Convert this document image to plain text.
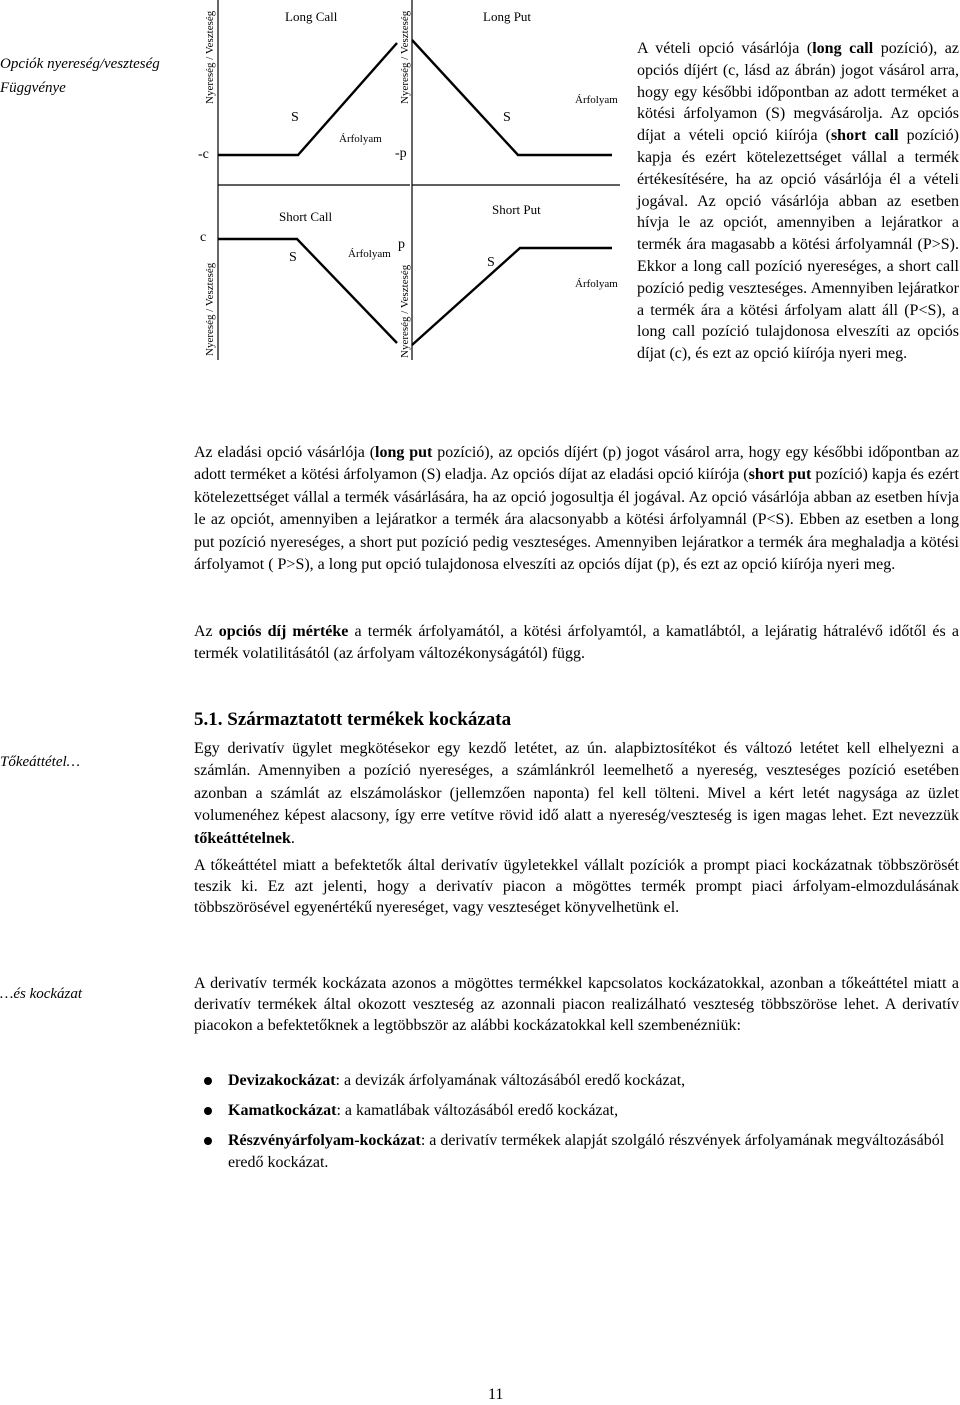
Opciók nyereség/veszteség
Függvénye
Tőkeáttétel…
…és kockázat
Nyereség / Veszteség
Nyereség / Veszteség
Long Call
Short Call
-c
c
S
Árfolyam
S	Árfolyam
Nyereség / Veszteség
Nyereség / Veszteség
Long Put
Short Put
-p
p
S
Árfolyam
S
Árfolyam
A vételi opció vásárlója (long call pozíció), az opciós díjért (c, lásd az ábrán) jogot vásárol arra, hogy egy későbbi időpontban az adott terméket a kötési árfolyamon (S) megvásárolja. Az opciós díjat a vételi opció kiírója (short call pozíció) kapja és ezért kötelezettséget vállal a termék értékesítésére, ha az opció vásárlója él a vételi jogával. Az opció vásárlója abban az esetben hívja le az opciót, amennyiben a lejáratkor a termék ára magasabb a kötési árfolyamnál (P>S). Ekkor a long call pozíció nyereséges, a short call pozíció pedig veszteséges. Amennyiben lejáratkor a termék ára a kötési árfolyam alatt áll (P<S), a long call pozíció tulajdonosa elveszíti az opciós díjat (c), és ezt az opció kiírója nyeri meg.
Az eladási opció vásárlója (long put pozíció), az opciós díjért (p) jogot vásárol arra, hogy egy későbbi időpontban az adott terméket a kötési árfolyamon (S) eladja. Az opciós díjat az eladási opció kiírója (short put pozíció) kapja és ezért kötelezettséget vállal a termék vásárlására, ha az opció jogosultja él jogával. Az opció vásárlója abban az esetben hívja le az opciót, amennyiben a lejáratkor a termék ára alacsonyabb a kötési árfolyamnál (P<S). Ebben az esetben a long put pozíció nyereséges, a short put pozíció pedig veszteséges. Amennyiben lejáratkor a termék ára meghaladja a kötési árfolyamot ( P>S), a long put opció tulajdonosa elveszíti az opciós díjat (p), és ezt az opció kiírója nyeri meg.
Az opciós díj mértéke a termék árfolyamától, a kötési árfolyamtól, a kamatlábtól, a lejáratig hátralévő időtől és a termék volatilitásától (az árfolyam változékonyságától) függ.
5.1. Származtatott termékek kockázata
Egy derivatív ügylet megkötésekor egy kezdő letétet, az ún. alapbiztosítékot és változó letétet kell elhelyezni a számlán. Amennyiben a pozíció nyereséges, a számlánkról leemelhető a nyereség, veszteséges pozíció esetében azonban a számlát az elszámoláskor (jellemzően naponta) fel kell tölteni. Mivel a kért letét nagysága az üzlet volumenéhez képest alacsony, így erre vetítve rövid idő alatt a nyereség/veszteség is igen magas lehet. Ezt nevezzük tőkeáttételnek.
A tőkeáttétel miatt a befektetők által derivatív ügyletekkel vállalt pozíciók a prompt piaci kockázatnak többszörösét teszik ki. Ez azt jelenti, hogy a derivatív piacon a mögöttes termék prompt piaci árfolyam-elmozdulásának többszörösével egyenértékű nyereséget, vagy veszteséget könyvelhetünk el.
A derivatív termék kockázata azonos a mögöttes termékkel kapcsolatos kockázatokkal, azonban a tőkeáttétel miatt a derivatív termékek által okozott veszteség az azonnali piacon realizálható veszteség többszöröse lehet. A derivatív piacokon a befektetőknek a legtöbbször az alábbi kockázatokkal kell szembenézniük:
Devizakockázat: a devizák árfolyamának változásából eredő kockázat,
Kamatkockázat: a kamatlábak változásából eredő kockázat,
Részvényárfolyam-kockázat: a derivatív termékek alapját szolgáló részvények árfolyamának megváltozásából eredő kockázat.
11
